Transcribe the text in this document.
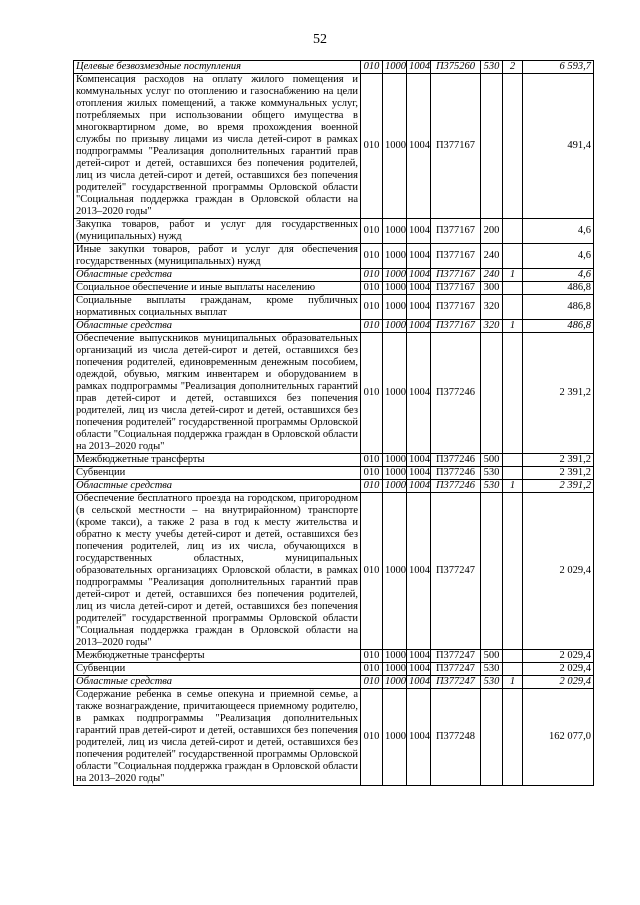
52
Целевые безвозмездные поступления	010	1000	1004	П375260	530	2	6 593,7
Компенсация расходов на оплату жилого помещения и коммунальных услуг по отоплению и газоснабжению на цели отопления жилых помещений, а также коммунальных услуг, потребляемых при использовании общего имущества в многоквартирном доме, во время прохождения военной службы по призыву лицами из числа детей-сирот в рамках подпрограммы "Реализация дополнительных гарантий прав детей-сирот и детей, оставшихся без попечения родителей, лиц из числа детей-сирот и детей, оставшихся без попечения родителей" государственной программы Орловской области "Социальная поддержка граждан в Орловской области на 2013–2020 годы"	010	1000	1004	П377167			491,4
Закупка товаров, работ и услуг для государственных (муниципальных) нужд	010	1000	1004	П377167	200		4,6
Иные закупки товаров, работ и услуг для обеспечения государственных (муниципальных) нужд	010	1000	1004	П377167	240		4,6
Областные средства	010	1000	1004	П377167	240	1	4,6
Социальное обеспечение и иные выплаты населению	010	1000	1004	П377167	300		486,8
Социальные выплаты гражданам, кроме публичных нормативных социальных выплат	010	1000	1004	П377167	320		486,8
Областные средства	010	1000	1004	П377167	320	1	486,8
Обеспечение выпускников муниципальных образовательных организаций из числа детей-сирот и детей, оставшихся без попечения родителей, единовременным денежным пособием, одеждой, обувью, мягким инвентарем и оборудованием в рамках подпрограммы "Реализация дополнительных гарантий прав детей-сирот и детей, оставшихся без попечения родителей, лиц из числа детей-сирот и детей, оставшихся без попечения родителей" государственной программы Орловской области "Социальная поддержка граждан в Орловской области на 2013–2020 годы"	010	1000	1004	П377246			2 391,2
Межбюджетные трансферты	010	1000	1004	П377246	500		2 391,2
Субвенции	010	1000	1004	П377246	530		2 391,2
Областные средства	010	1000	1004	П377246	530	1	2 391,2
Обеспечение бесплатного проезда на городском, пригородном (в сельской местности – на внутрирайонном) транспорте (кроме такси), а также 2 раза в год к месту жительства и обратно к месту учебы детей-сирот и детей, оставшихся без попечения родителей, лиц из их числа, обучающихся в государственных областных, муниципальных образовательных организациях Орловской области, в рамках подпрограммы "Реализация дополнительных гарантий прав детей-сирот и детей, оставшихся без попечения родителей, лиц из числа детей-сирот и детей, оставшихся без попечения родителей" государственной программы Орловской области "Социальная поддержка граждан в Орловской области на 2013–2020 годы"	010	1000	1004	П377247			2 029,4
Межбюджетные трансферты	010	1000	1004	П377247	500		2 029,4
Субвенции	010	1000	1004	П377247	530		2 029,4
Областные средства	010	1000	1004	П377247	530	1	2 029,4
Содержание ребенка в семье опекуна и приемной семье, а также вознаграждение, причитающееся приемному родителю, в рамках подпрограммы "Реализация дополнительных гарантий прав детей-сирот и детей, оставшихся без попечения родителей, лиц из числа детей-сирот и детей, оставшихся без попечения родителей" государственной программы Орловской области "Социальная поддержка граждан в Орловской области на 2013–2020 годы"	010	1000	1004	П377248			162 077,0
